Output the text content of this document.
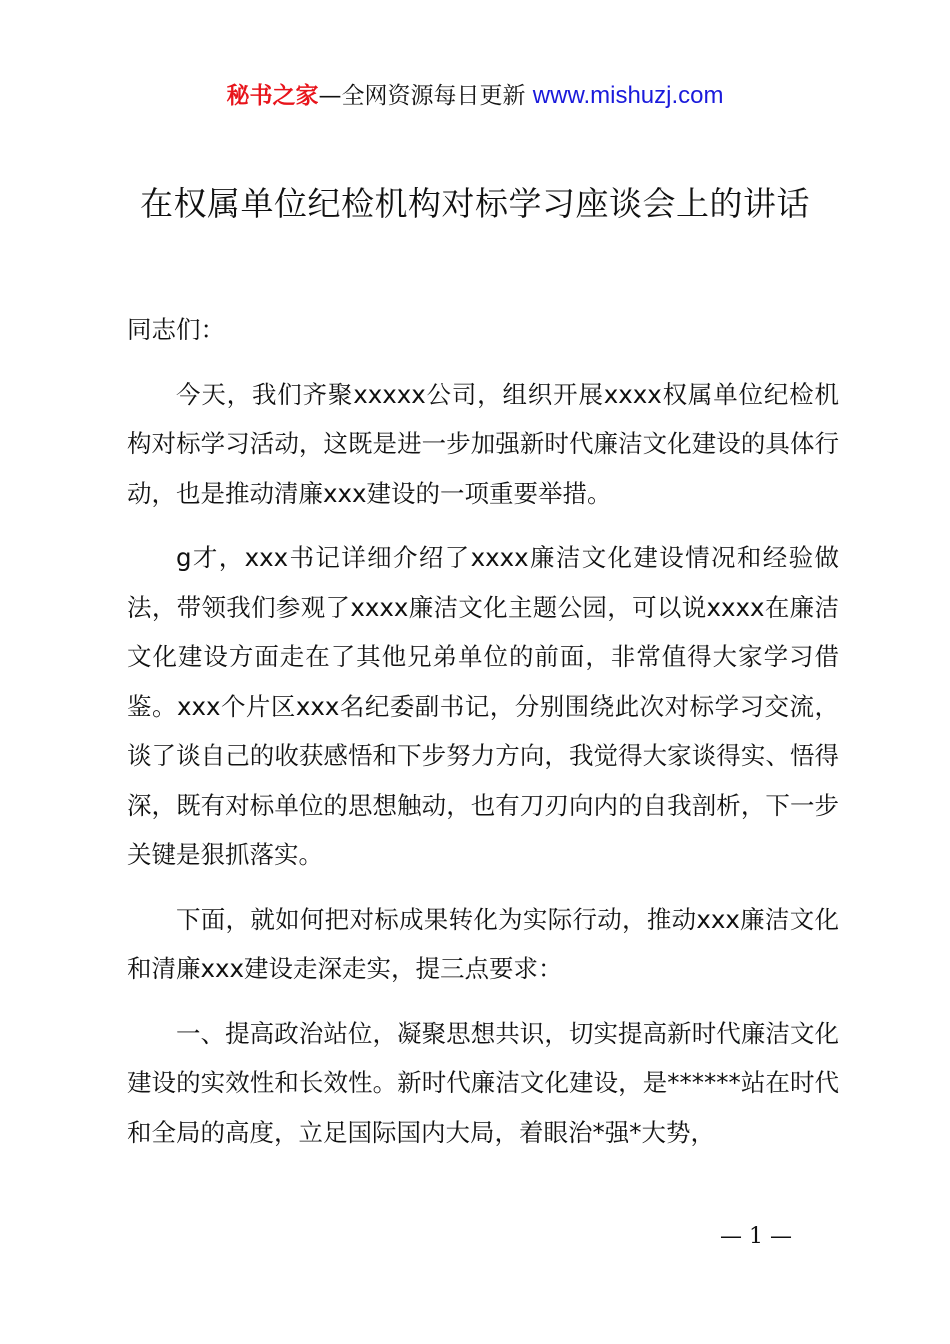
秘书之家—全网资源每日更新 www.mishuzj.com
在权属单位纪检机构对标学习座谈会上的讲话

同志们：

今天，我们齐聚xxxxx公司，组织开展xxxx权属单位纪检机构对标学习活动，这既是进一步加强新时代廉洁文化建设的具体行动，也是推动清廉xxx建设的一项重要举措。

g才，xxx书记详细介绍了xxxx廉洁文化建设情况和经验做法，带领我们参观了xxxx廉洁文化主题公园，可以说xxxx在廉洁文化建设方面走在了其他兄弟单位的前面，非常值得大家学习借鉴。xxx个片区xxx名纪委副书记，分别围绕此次对标学习交流，谈了谈自己的收获感悟和下步努力方向，我觉得大家谈得实、悟得深，既有对标单位的思想触动，也有刀刃向内的自我剖析，下一步关键是狠抓落实。

下面，就如何把对标成果转化为实际行动，推动xxx廉洁文化和清廉xxx建设走深走实，提三点要求：

一、提高政治站位，凝聚思想共识，切实提高新时代廉洁文化建设的实效性和长效性。新时代廉洁文化建设，是******站在时代和全局的高度，立足国际国内大局，着眼治*强*大势，

— 1 —
